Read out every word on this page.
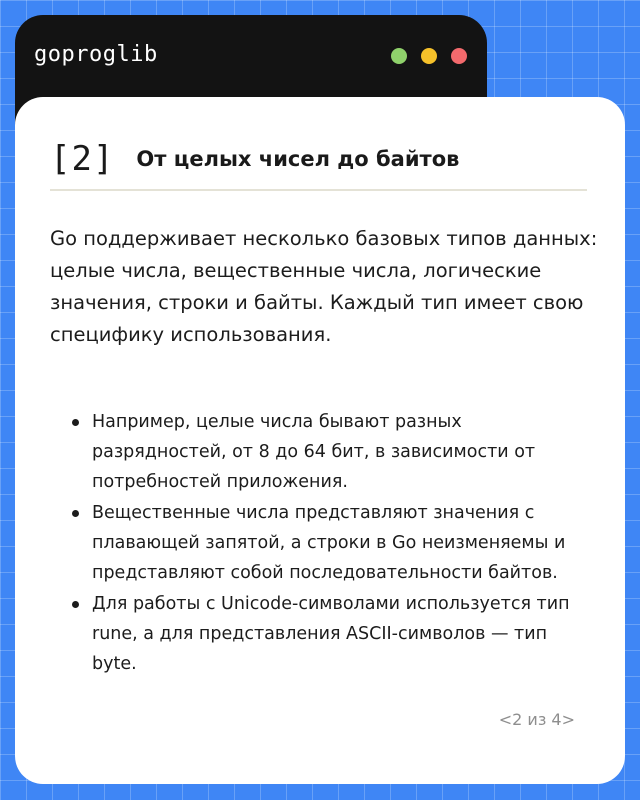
goproglib
[2] От целых чисел до байтов

Go поддерживает несколько базовых типов данных: целые числа, вещественные числа, логические значения, строки и байты. Каждый тип имеет свою специфику использования.

Например, целые числа бывают разных разрядностей, от 8 до 64 бит, в зависимости от потребностей приложения.
Вещественные числа представляют значения с плавающей запятой, а строки в Go неизменяемы и представляют собой последовательности байтов.
Для работы с Unicode-символами используется тип rune, а для представления ASCII-символов — тип byte.
<2 из 4>
